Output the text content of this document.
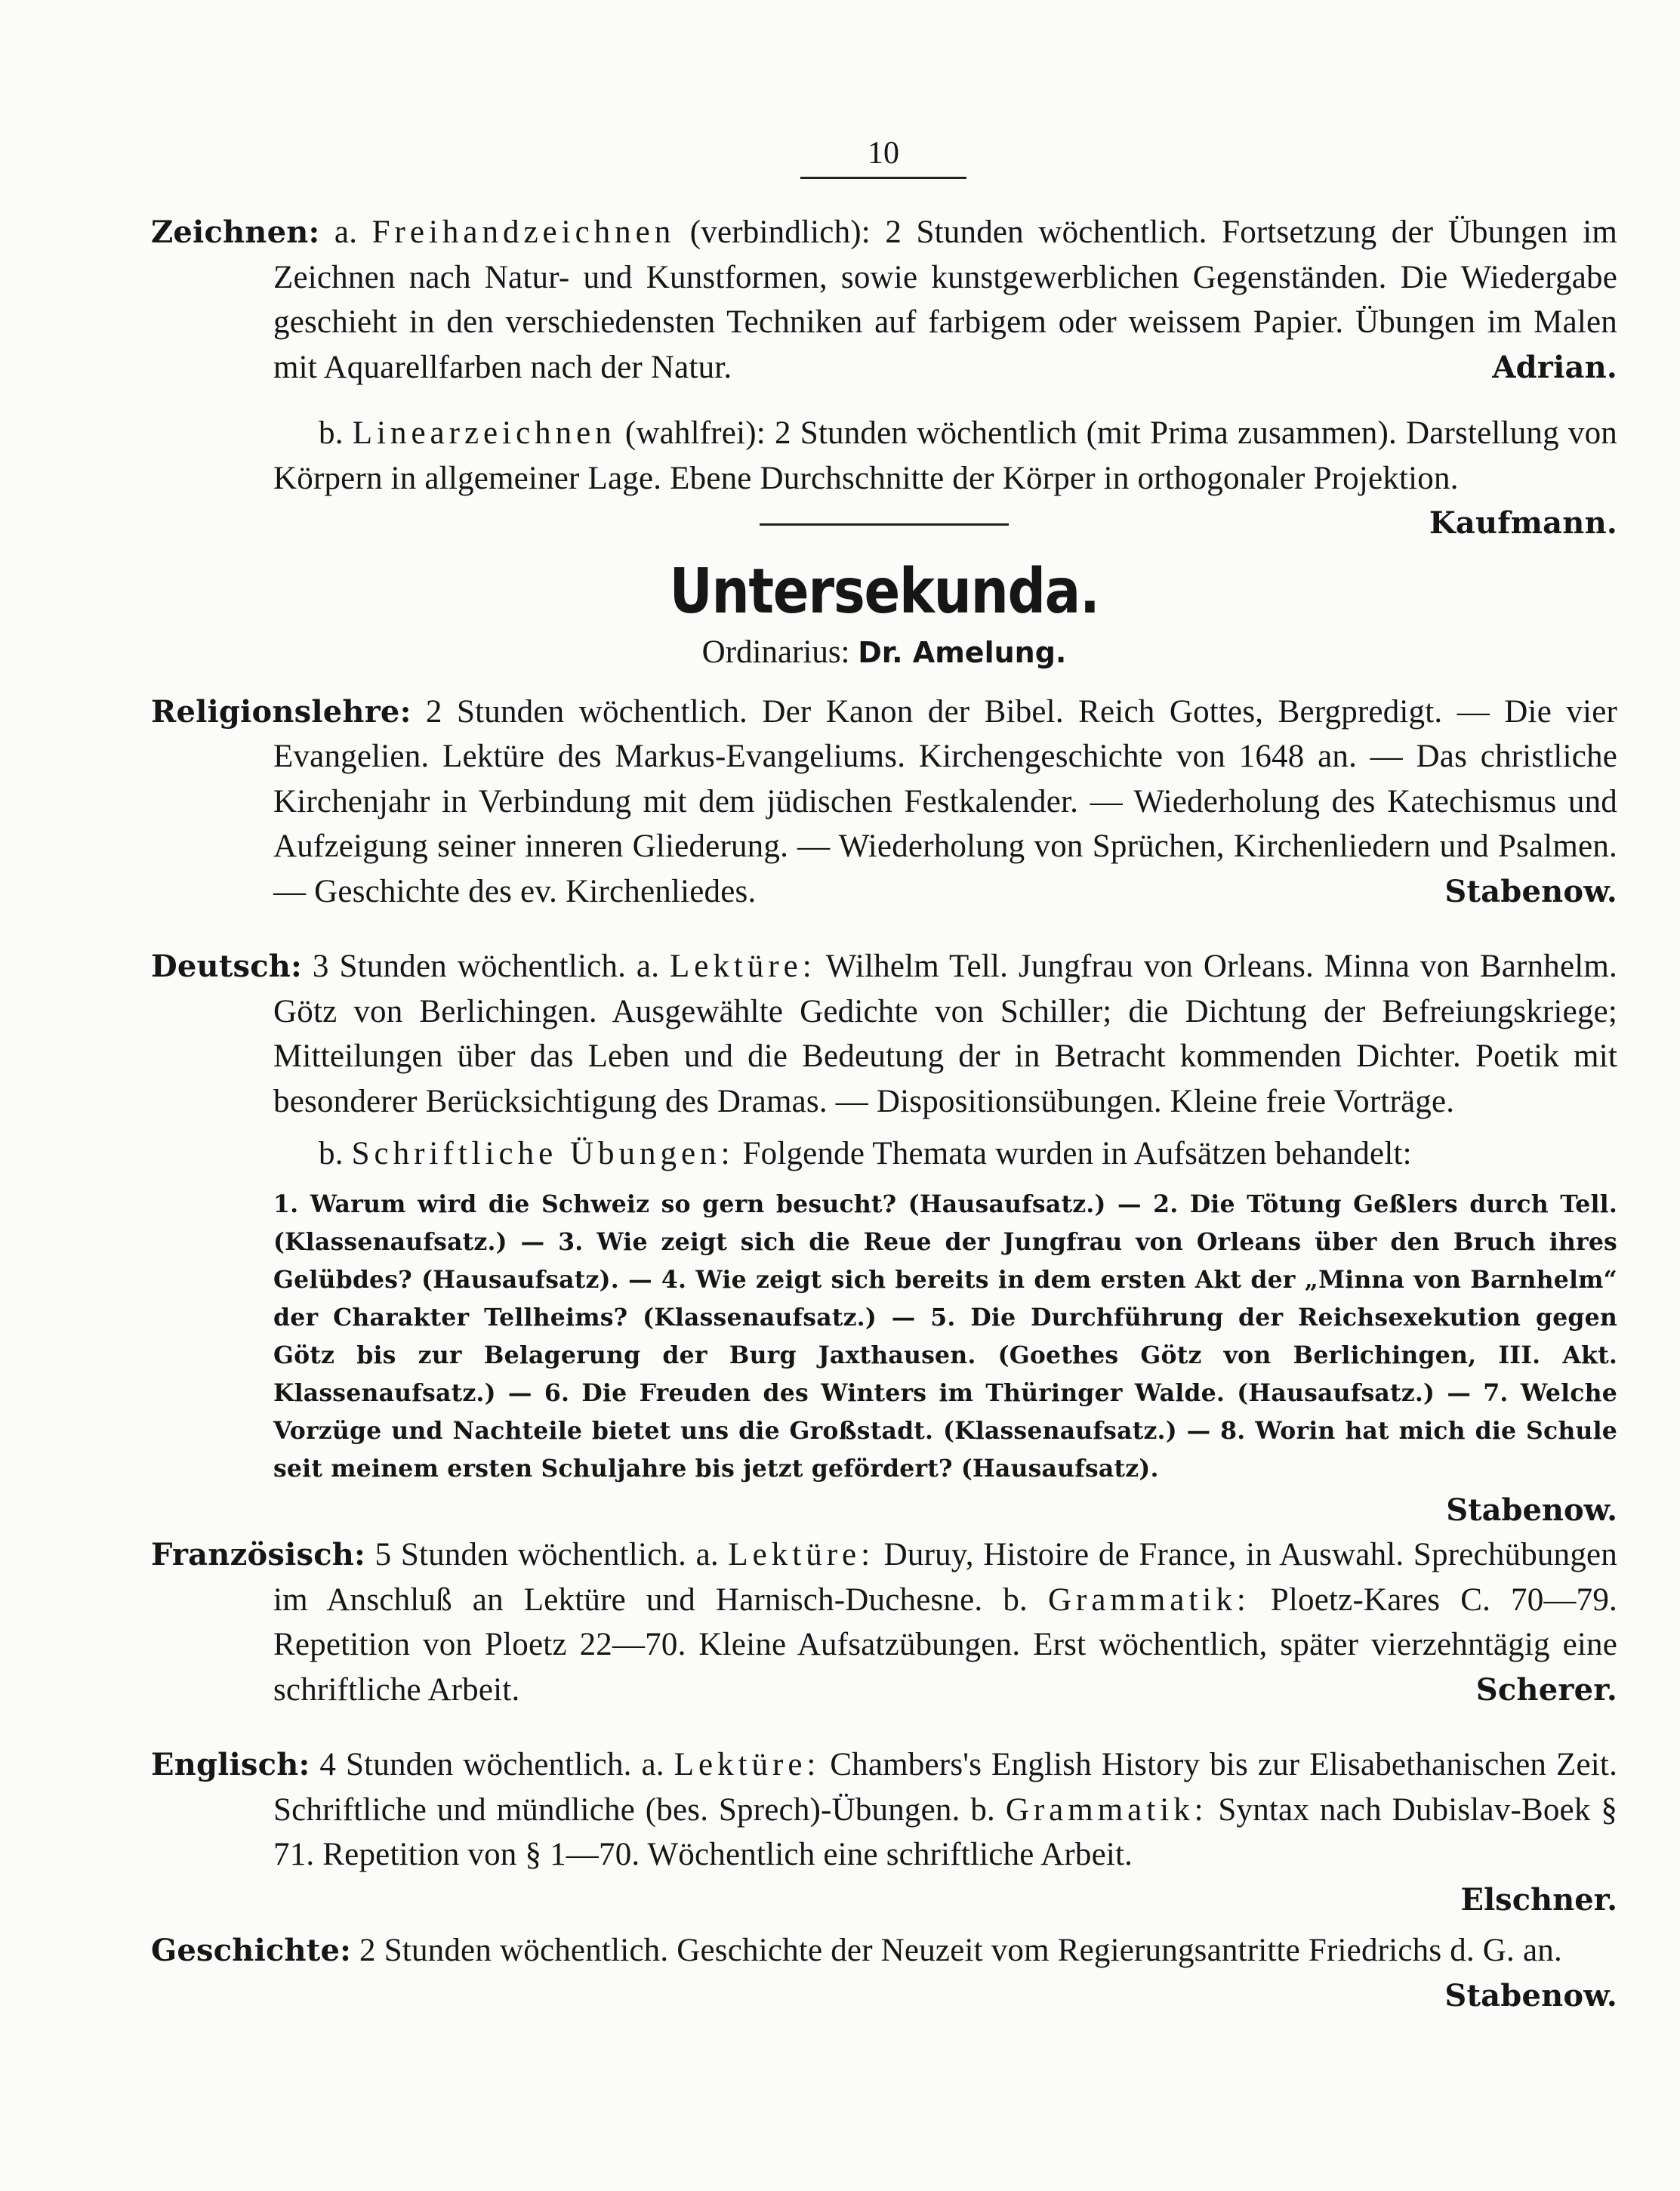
10

Zeichnen: a. Freihandzeichnen (verbindlich): 2 Stunden wöchentlich. Fortsetzung der Übungen im Zeichnen nach Natur- und Kunstformen, sowie kunstgewerblichen Gegenständen. Die Wiedergabe geschieht in den verschiedensten Techniken auf farbigem oder weissem Papier. Übungen im Malen mit Aquarellfarben nach der Natur.	Adrian.

b. Linearzeichnen (wahlfrei): 2 Stunden wöchentlich (mit Prima zusammen). Darstellung von Körpern in allgemeiner Lage. Ebene Durchschnitte der Körper in orthogonaler Projektion.
Kaufmann.

Untersekunda.
Ordinarius: Dr. Amelung.

Religionslehre: 2 Stunden wöchentlich. Der Kanon der Bibel. Reich Gottes, Bergpredigt. — Die vier Evangelien. Lektüre des Markus-Evangeliums. Kirchengeschichte von 1648 an. — Das christliche Kirchenjahr in Verbindung mit dem jüdischen Festkalender. — Wiederholung des Katechismus und Aufzeigung seiner inneren Gliederung. — Wiederholung von Sprüchen, Kirchenliedern und Psalmen. — Geschichte des ev. Kirchenliedes.	Stabenow.

Deutsch: 3 Stunden wöchentlich. a. Lektüre: Wilhelm Tell. Jungfrau von Orleans. Minna von Barnhelm. Götz von Berlichingen. Ausgewählte Gedichte von Schiller; die Dichtung der Befreiungskriege; Mitteilungen über das Leben und die Bedeutung der in Betracht kommenden Dichter. Poetik mit besonderer Berücksichtigung des Dramas. — Dispositionsübungen. Kleine freie Vorträge.

b. Schriftliche Übungen: Folgende Themata wurden in Aufsätzen behandelt:

1. Warum wird die Schweiz so gern besucht? (Hausaufsatz.) — 2. Die Tötung Geßlers durch Tell. (Klassenaufsatz.) — 3. Wie zeigt sich die Reue der Jungfrau von Orleans über den Bruch ihres Gelübdes? (Hausaufsatz). — 4. Wie zeigt sich bereits in dem ersten Akt der „Minna von Barnhelm“ der Charakter Tellheims? (Klassenaufsatz.) — 5. Die Durchführung der Reichsexekution gegen Götz bis zur Belagerung der Burg Jaxthausen. (Goethes Götz von Berlichingen, III. Akt. Klassenaufsatz.) — 6. Die Freuden des Winters im Thüringer Walde. (Hausaufsatz.) — 7. Welche Vorzüge und Nachteile bietet uns die Großstadt. (Klassenaufsatz.) — 8. Worin hat mich die Schule seit meinem ersten Schuljahre bis jetzt gefördert? (Hausaufsatz).

Stabenow.

Französisch: 5 Stunden wöchentlich. a. Lektüre: Duruy, Histoire de France, in Auswahl. Sprechübungen im Anschluß an Lektüre und Harnisch-Duchesne. b. Grammatik: Ploetz-Kares C. 70—79. Repetition von Ploetz 22—70. Kleine Aufsatzübungen. Erst wöchentlich, später vierzehntägig eine schriftliche Arbeit.	Scherer.

Englisch: 4 Stunden wöchentlich. a. Lektüre: Chambers's English History bis zur Elisabethanischen Zeit. Schriftliche und mündliche (bes. Sprech)-Übungen. b. Grammatik: Syntax nach Dubislav-Boek § 71. Repetition von § 1—70. Wöchentlich eine schriftliche Arbeit.

Elschner.

Geschichte: 2 Stunden wöchentlich. Geschichte der Neuzeit vom Regierungsantritte Friedrichs d. G. an.
Stabenow.
